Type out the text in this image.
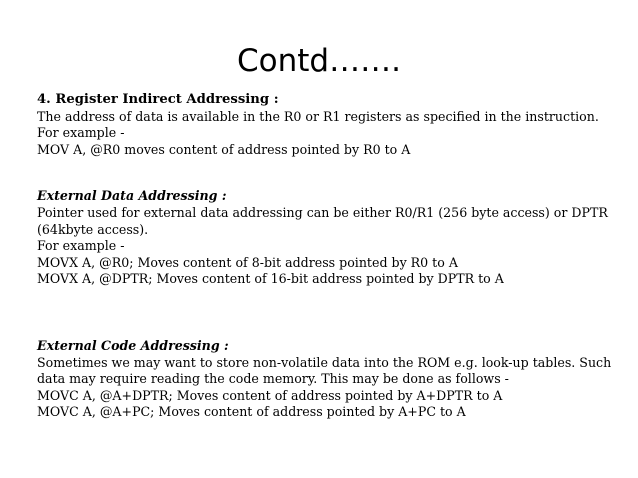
Contd…….
4. Register Indirect Addressing :
The address of data is available in the R0 or R1 registers as specified in the instruction.
For example -
MOV A, @R0 moves content of address pointed by R0 to A
External Data Addressing :
Pointer used for external data addressing can be either R0/R1 (256 byte access) or DPTR
(64kbyte access).
For example -
MOVX A, @R0; Moves content of 8-bit address pointed by R0 to A
MOVX A, @DPTR; Moves content of 16-bit address pointed by DPTR to A
External Code Addressing :
Sometimes we may want to store non-volatile data into the ROM e.g. look-up tables. Such
data may require reading the code memory. This may be done as follows -
MOVC A, @A+DPTR; Moves content of address pointed by A+DPTR to A
MOVC A, @A+PC; Moves content of address pointed by A+PC to A
